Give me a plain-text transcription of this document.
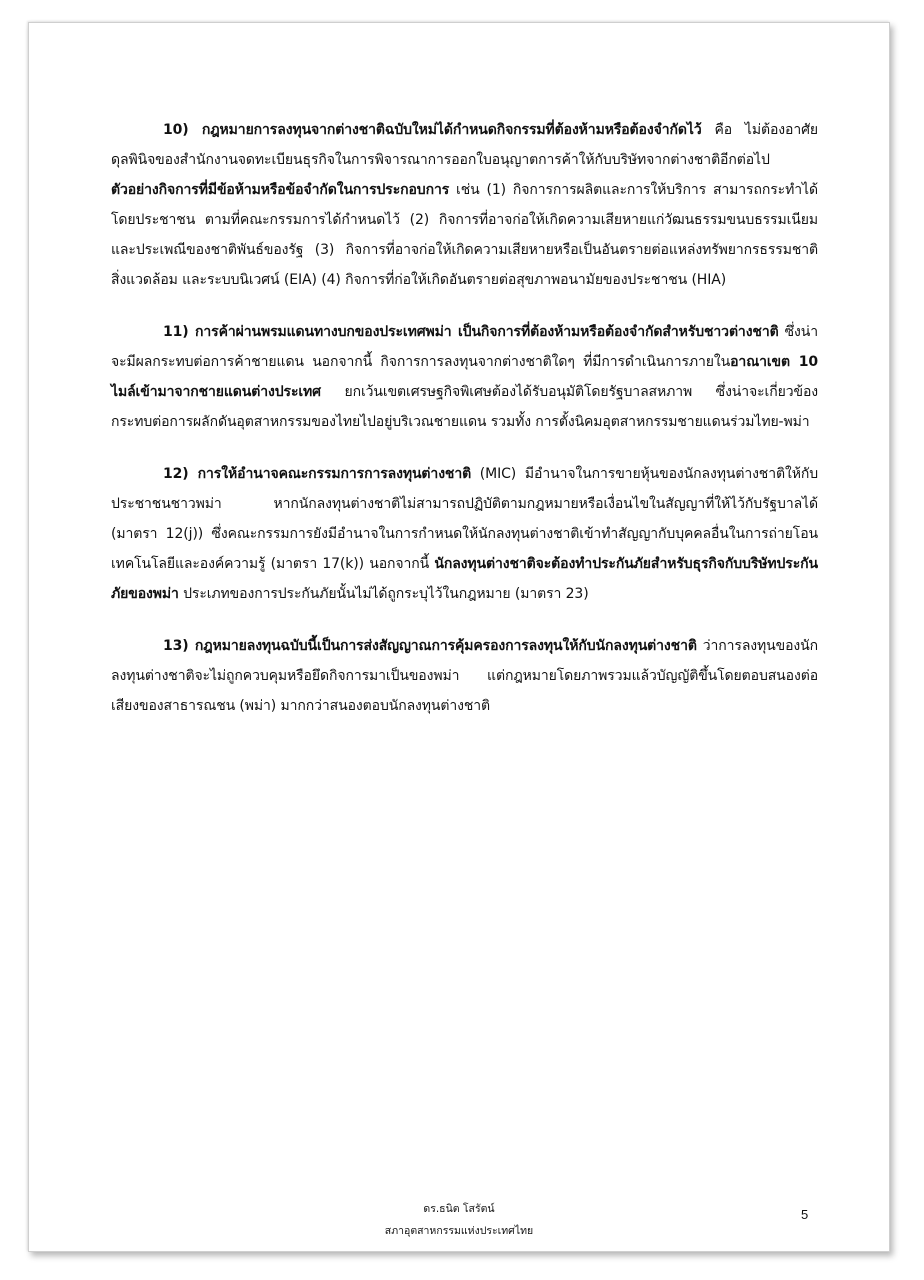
10) กฎหมายการลงทุนจากต่างชาติฉบับใหม่ได้กำหนดกิจกรรมที่ต้องห้ามหรือต้องจำกัดไว้ คือ ไม่ต้องอาศัยดุลพินิจของสำนักงานจดทะเบียนธุรกิจในการพิจารณาการออกใบอนุญาตการค้าให้กับบริษัทจากต่างชาติอีกต่อไป ตัวอย่างกิจการที่มีข้อห้ามหรือข้อจำกัดในการประกอบการ เช่น (1) กิจการการผลิตและการให้บริการ สามารถกระทำได้โดยประชาชน ตามที่คณะกรรมการได้กำหนดไว้ (2) กิจการที่อาจก่อให้เกิดความเสียหายแก่วัฒนธรรมขนบธรรมเนียมและประเพณีของชาติพันธ์ของรัฐ (3) กิจการที่อาจก่อให้เกิดความเสียหายหรือเป็นอันตรายต่อแหล่งทรัพยากรธรรมชาติ สิ่งแวดล้อม และระบบนิเวศน์ (EIA) (4) กิจการที่ก่อให้เกิดอันตรายต่อสุขภาพอนามัยของประชาชน (HIA)

11) การค้าผ่านพรมแดนทางบกของประเทศพม่า เป็นกิจการที่ต้องห้ามหรือต้องจำกัดสำหรับชาวต่างชาติ ซึ่งน่าจะมีผลกระทบต่อการค้าชายแดน นอกจากนี้ กิจการการลงทุนจากต่างชาติใดๆ ที่มีการดำเนินการภายในอาณาเขต 10 ไมล์เข้ามาจากชายแดนต่างประเทศ ยกเว้นเขตเศรษฐกิจพิเศษต้องได้รับอนุมัติโดยรัฐบาลสหภาพ ซึ่งน่าจะเกี่ยวข้องกระทบต่อการผลักดันอุตสาหกรรมของไทยไปอยู่บริเวณชายแดน รวมทั้ง การตั้งนิคมอุตสาหกรรมชายแดนร่วมไทย-พม่า

12) การให้อำนาจคณะกรรมการการลงทุนต่างชาติ (MIC) มีอำนาจในการขายหุ้นของนักลงทุนต่างชาติให้กับประชาชนชาวพม่า หากนักลงทุนต่างชาติไม่สามารถปฏิบัติตามกฎหมายหรือเงื่อนไขในสัญญาที่ให้ไว้กับรัฐบาลได้ (มาตรา 12(j)) ซึ่งคณะกรรมการยังมีอำนาจในการกำหนดให้นักลงทุนต่างชาติเข้าทำสัญญากับบุคคลอื่นในการถ่ายโอนเทคโนโลยีและองค์ความรู้ (มาตรา 17(k)) นอกจากนี้ นักลงทุนต่างชาติจะต้องทำประกันภัยสำหรับธุรกิจกับบริษัทประกันภัยของพม่า ประเภทของการประกันภัยนั้นไม่ได้ถูกระบุไว้ในกฎหมาย (มาตรา 23)

13) กฎหมายลงทุนฉบับนี้เป็นการส่งสัญญาณการคุ้มครองการลงทุนให้กับนักลงทุนต่างชาติ ว่าการลงทุนของนักลงทุนต่างชาติจะไม่ถูกควบคุมหรือยึดกิจการมาเป็นของพม่า แต่กฎหมายโดยภาพรวมแล้วบัญญัติขึ้นโดยตอบสนองต่อเสียงของสาธารณชน (พม่า) มากกว่าสนองตอบนักลงทุนต่างชาติ

ดร.ธนิต โสรัตน์
สภาอุตสาหกรรมแห่งประเทศไทย
5
